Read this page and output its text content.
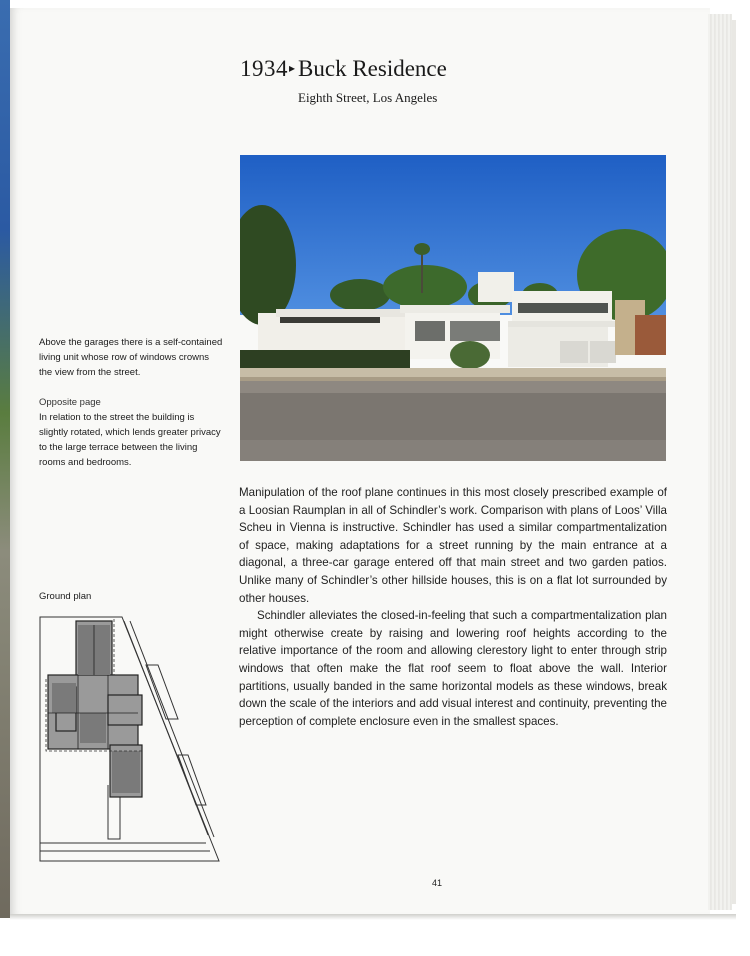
1934▸ Buck Residence
Eighth Street, Los Angeles
Above the garages there is a self-contained living unit whose row of windows crowns the view from the street.
Opposite page
In relation to the street the building is slightly rotated, which lends greater privacy to the large terrace between the living rooms and bedrooms.
Ground plan

Manipulation of the roof plane continues in this most closely prescribed example of a Loosian Raumplan in all of Schindler’s work. Comparison with plans of Loos’ Villa Scheu in Vienna is instructive. Schindler has used a similar compartmentalization of space, making adaptations for a street running by the main entrance at a diagonal, a three-car garage entered off that main street and two garden patios. Unlike many of Schindler’s other hillside houses, this is on a flat lot surrounded by other houses.

Schindler alleviates the closed-in-feeling that such a compartmentalization plan might otherwise create by raising and lowering roof heights according to the relative importance of the room and allowing clerestory light to enter through strip windows that often make the flat roof seem to float above the wall. Interior partitions, usually banded in the same horizontal models as these windows, break down the scale of the interiors and add visual interest and continuity, preventing the perception of complete enclosure even in the smallest spaces.

41
